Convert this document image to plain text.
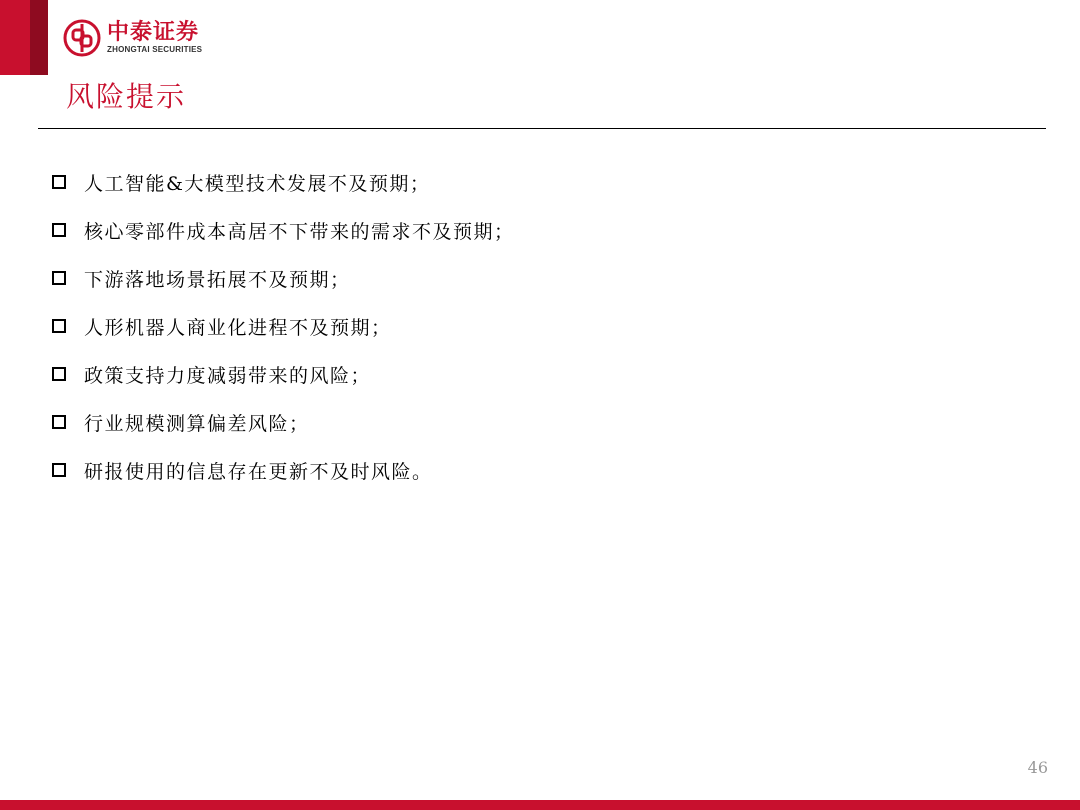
中泰证券
ZHONGTAI SECURITIES
风险提示
人工智能&大模型技术发展不及预期；
核心零部件成本高居不下带来的需求不及预期；
下游落地场景拓展不及预期；
人形机器人商业化进程不及预期；
政策支持力度减弱带来的风险；
行业规模测算偏差风险；
研报使用的信息存在更新不及时风险。
46
